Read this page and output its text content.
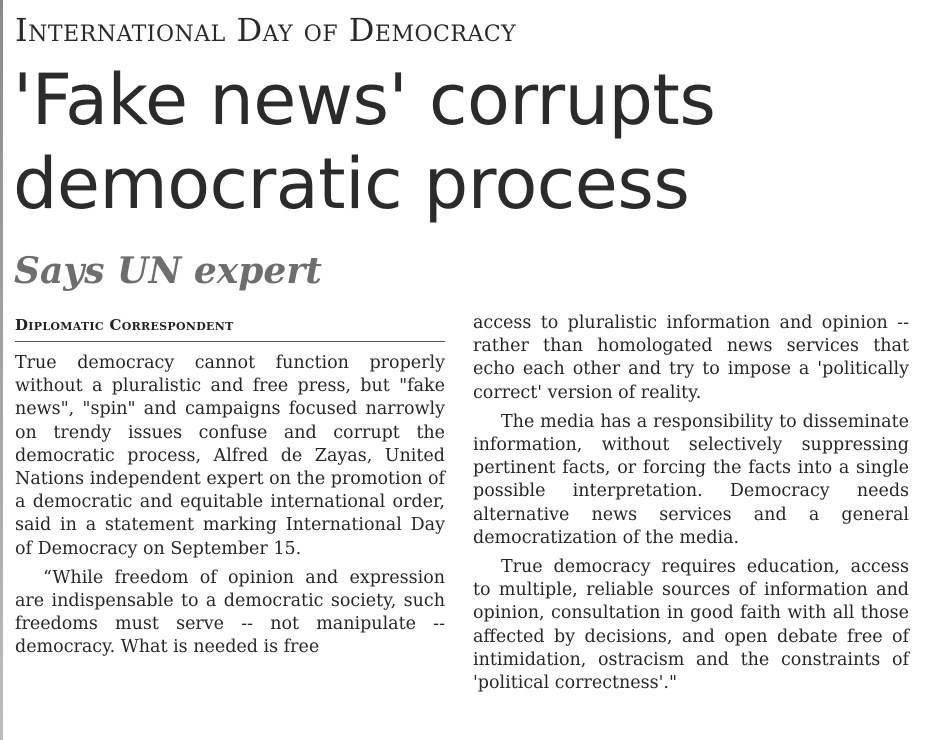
International Day of Democracy
'Fake news' corrupts democratic process
Says UN expert
Diplomatic Correspondent

True democracy cannot function properly without a pluralistic and free press, but "fake news", "spin" and campaigns focused narrowly on trendy issues confuse and corrupt the democratic process, Alfred de Zayas, United Nations independent expert on the promotion of a democratic and equitable international order, said in a statement marking International Day of Democracy on September 15.

“While freedom of opinion and expression are indispensable to a democratic society, such freedoms must serve -- not manipulate -- democracy. What is needed is free

access to pluralistic information and opinion -- rather than homologated news services that echo each other and try to impose a 'politically correct' version of reality.

The media has a responsibility to disseminate information, without selectively suppressing pertinent facts, or forcing the facts into a single possible interpretation. Democracy needs alternative news services and a general democratization of the media.

True democracy requires education, access to multiple, reliable sources of information and opinion, consultation in good faith with all those affected by decisions, and open debate free of intimidation, ostracism and the constraints of 'political correctness'."
